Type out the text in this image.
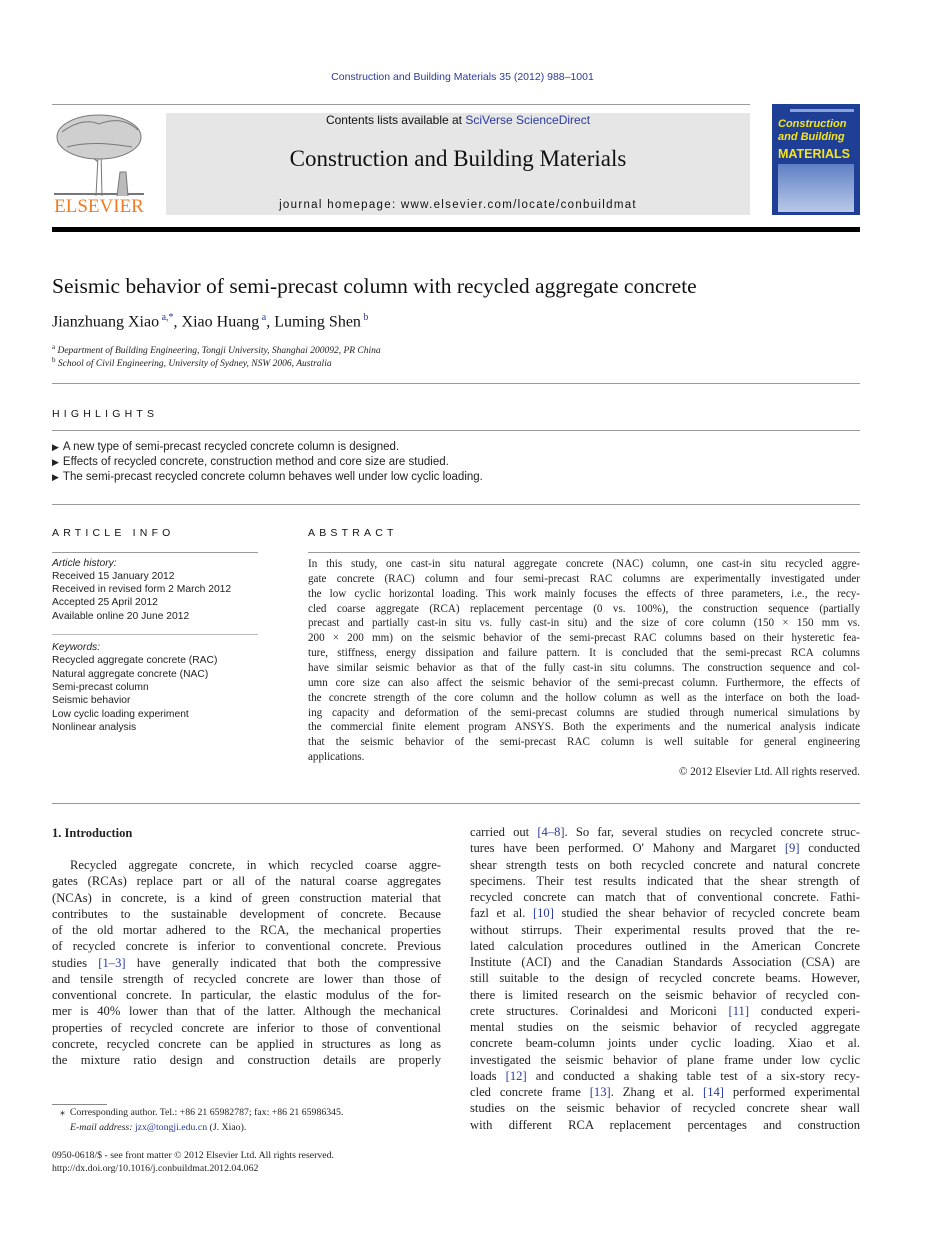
Construction and Building Materials 35 (2012) 988–1001
ELSEVIER
Contents lists available at SciVerse ScienceDirect
Construction and Building Materials
journal homepage: www.elsevier.com/locate/conbuildmat
Construction
and Building
MATERIALS
Seismic behavior of semi-precast column with recycled aggregate concrete
Jianzhuang Xiao $^{a,*}$, Xiao Huang $^a$, Luming Shen $^b$
$^a$ Department of Building Engineering, Tongji University, Shanghai 200092, PR China
$^b$ School of Civil Engineering, University of Sydney, NSW 2006, Australia
HIGHLIGHTS
▶ A new type of semi-precast recycled concrete column is designed.
▶ Effects of recycled concrete, construction method and core size are studied.
▶ The semi-precast recycled concrete column behaves well under low cyclic loading.
ARTICLE INFO	ABSTRACT
Article history:
Received 15 January 2012
Received in revised form 2 March 2012
Accepted 25 April 2012
Available online 20 June 2012
Keywords:
Recycled aggregate concrete (RAC)
Natural aggregate concrete (NAC)
Semi-precast column
Seismic behavior
Low cyclic loading experiment
Nonlinear analysis
In this study, one cast-in situ natural aggregate concrete (NAC) column, one cast-in situ recycled aggre-
gate concrete (RAC) column and four semi-precast RAC columns are experimentally investigated under
the low cyclic horizontal loading. This work mainly focuses the effects of three parameters, i.e., the recy-
cled coarse aggregate (RCA) replacement percentage (0 vs. 100%), the construction sequence (partially
precast and partially cast-in situ vs. fully cast-in situ) and the size of core column (150 × 150 mm vs.
200 × 200 mm) on the seismic behavior of the semi-precast RAC columns based on their hysteretic fea-
ture, stiffness, energy dissipation and failure pattern. It is concluded that the semi-precast RCA columns
have similar seismic behavior as that of the fully cast-in situ columns. The construction sequence and col-
umn core size can also affect the seismic behavior of the semi-precast column. Furthermore, the effects of
the concrete strength of the core column and the hollow column as well as the interface on both the load-
ing capacity and deformation of the semi-precast columns are studied through numerical simulations by
the commercial finite element program ANSYS. Both the experiments and the numerical analysis indicate
that the seismic behavior of the semi-precast RAC column is well suitable for general engineering
applications.
© 2012 Elsevier Ltd. All rights reserved.
1. Introduction
Recycled aggregate concrete, in which recycled coarse aggre-
gates (RCAs) replace part or all of the natural coarse aggregates
(NCAs) in concrete, is a kind of green construction material that
contributes to the sustainable development of concrete. Because
of the old mortar adhered to the RCA, the mechanical properties
of recycled concrete is inferior to conventional concrete. Previous
studies [1–3] have generally indicated that both the compressive
and tensile strength of recycled concrete are lower than those of
conventional concrete. In particular, the elastic modulus of the for-
mer is 40% lower than that of the latter. Although the mechanical
properties of recycled concrete are inferior to those of conventional
concrete, recycled concrete can be applied in structures as long as
the mixture ratio design and construction details are properly
carried out [4–8]. So far, several studies on recycled concrete struc-
tures have been performed. O' Mahony and Margaret [9] conducted
shear strength tests on both recycled concrete and natural concrete
specimens. Their test results indicated that the shear strength of
recycled concrete can match that of conventional concrete. Fathi-
fazl et al. [10] studied the shear behavior of recycled concrete beam
without stirrups. Their experimental results proved that the re-
lated calculation procedures outlined in the American Concrete
Institute (ACI) and the Canadian Standards Association (CSA) are
still suitable to the design of recycled concrete beams. However,
there is limited research on the seismic behavior of recycled con-
crete structures. Corinaldesi and Moriconi [11] conducted experi-
mental studies on the seismic behavior of recycled aggregate
concrete beam-column joints under cyclic loading. Xiao et al.
investigated the seismic behavior of plane frame under low cyclic
loads [12] and conducted a shaking table test of a six-story recy-
cled concrete frame [13]. Zhang et al. [14] performed experimental
studies on the seismic behavior of recycled concrete shear wall
with different RCA replacement percentages and construction
⁎ Corresponding author. Tel.: +86 21 65982787; fax: +86 21 65986345.
E-mail address: jzx@tongji.edu.cn (J. Xiao).
0950-0618/$ - see front matter © 2012 Elsevier Ltd. All rights reserved.
http://dx.doi.org/10.1016/j.conbuildmat.2012.04.062
